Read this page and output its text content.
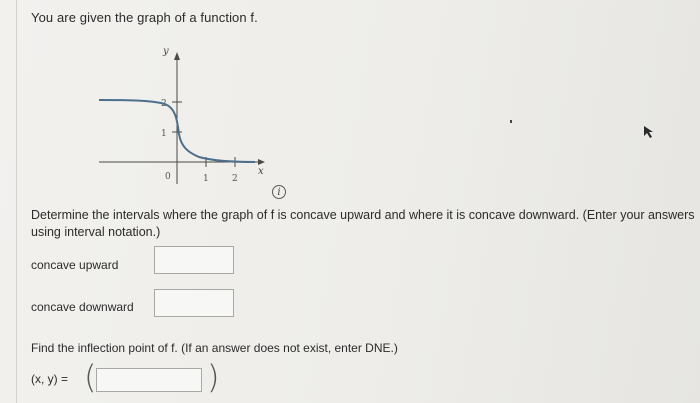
You are given the graph of a function f.
y
x
2
1
0	1	2
i
Determine the intervals where the graph of f is concave upward and where it is concave downward. (Enter your answers using interval notation.)
concave upward
concave downward
Find the inflection point of f. (If an answer does not exist, enter DNE.)
(x, y) = (	)
